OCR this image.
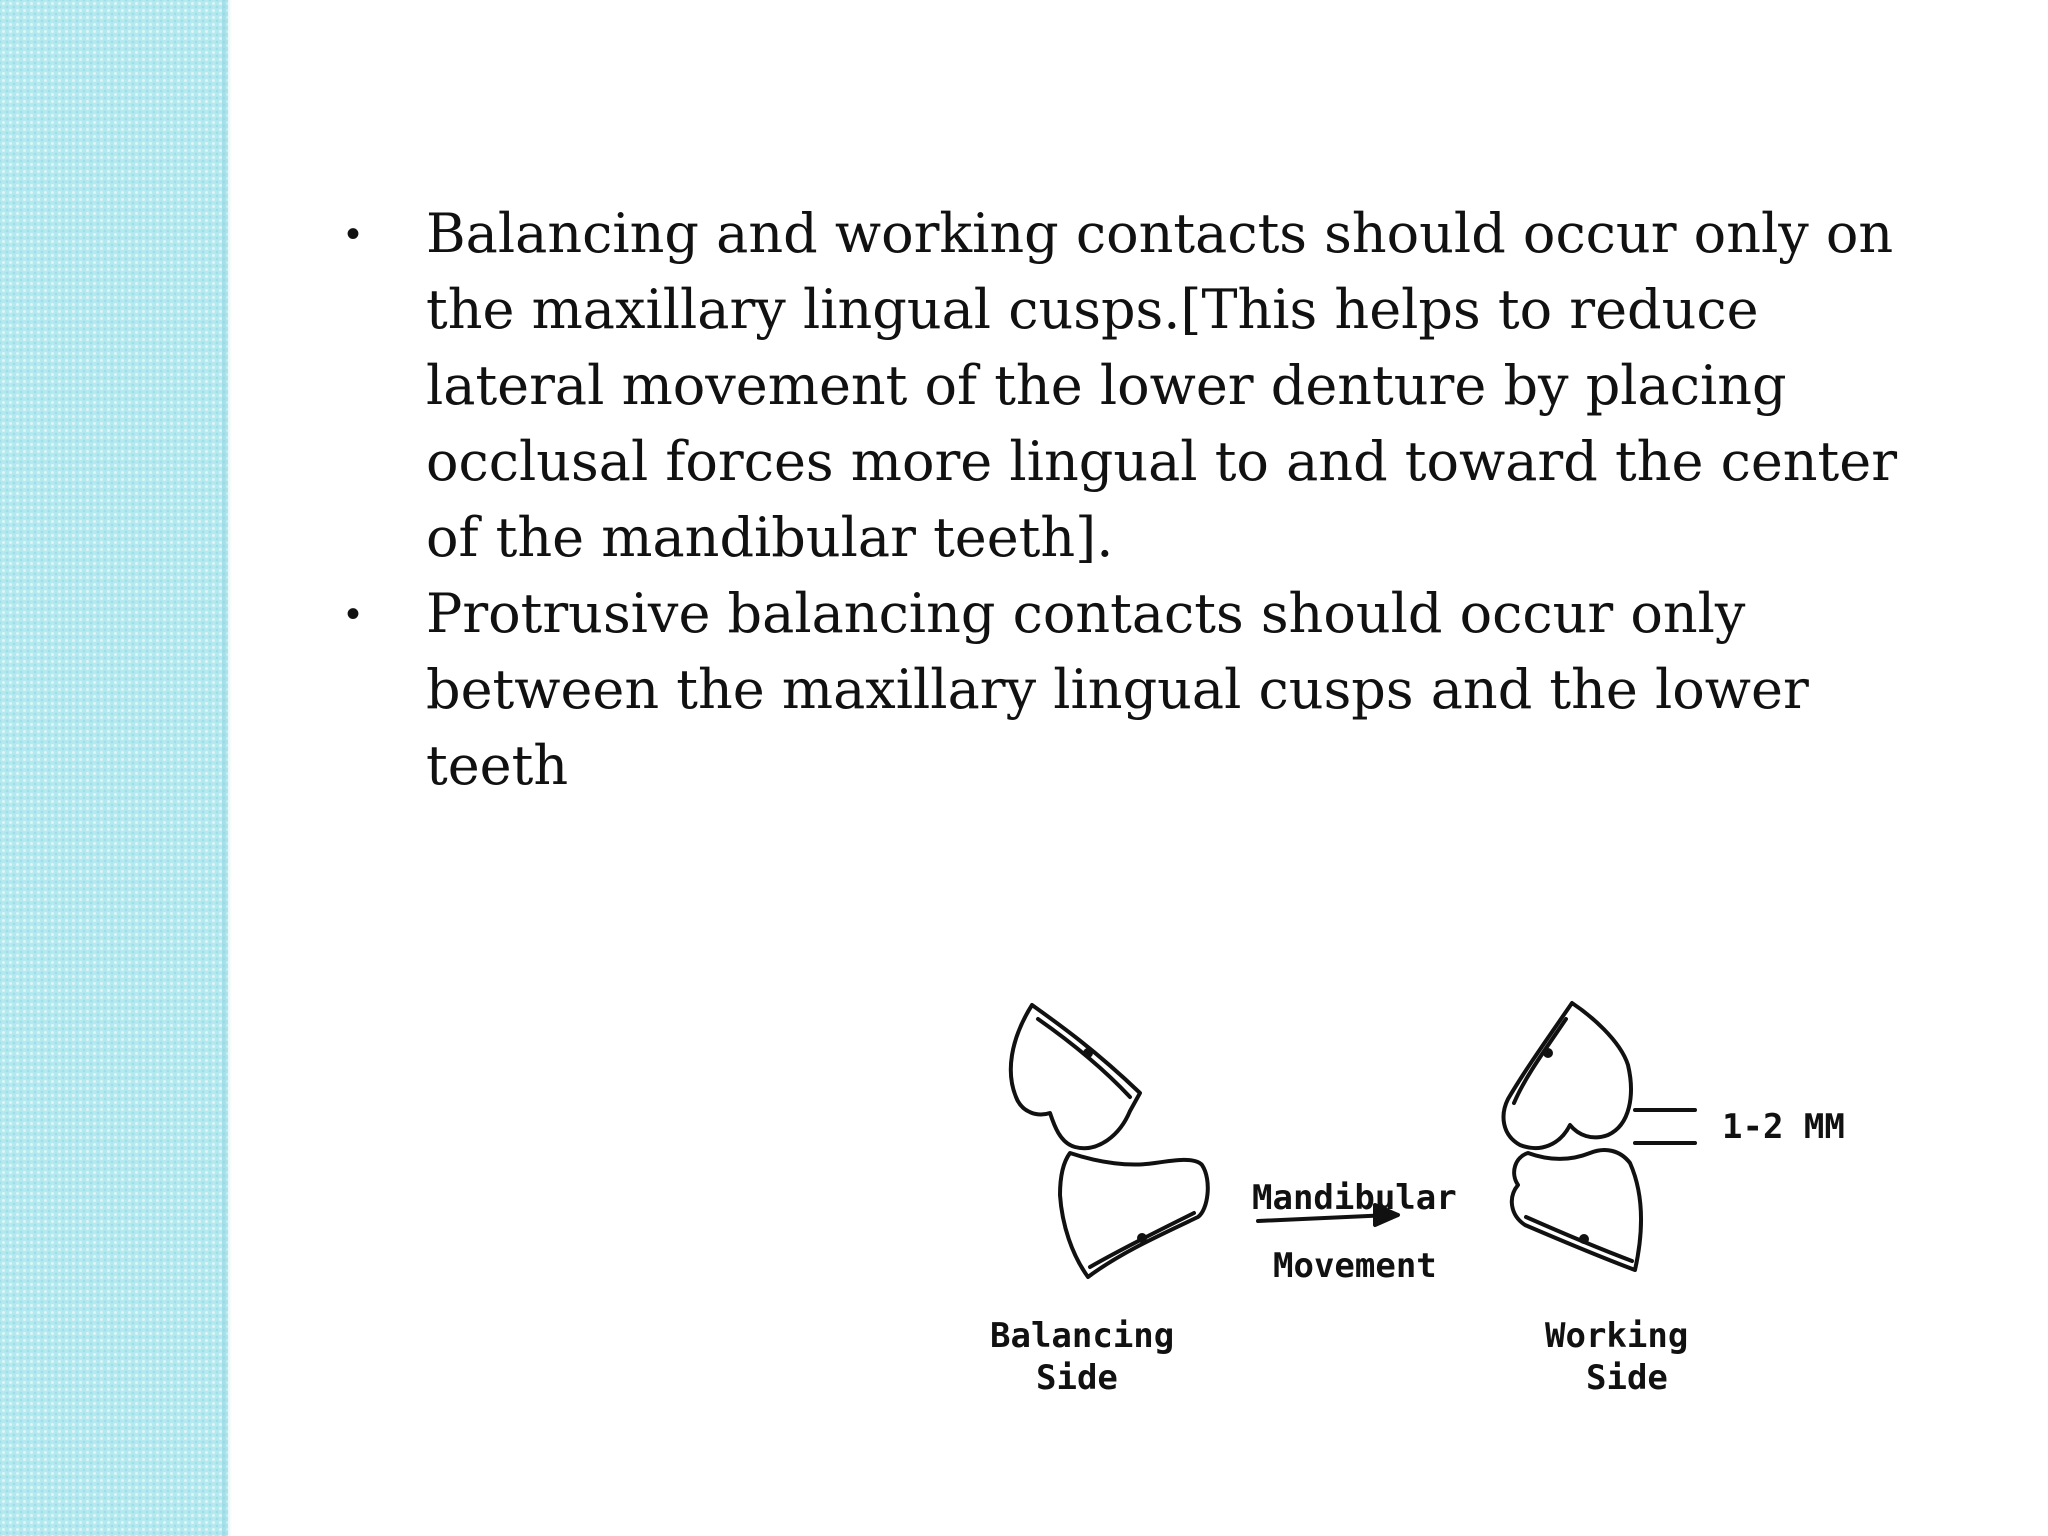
• Balancing and working contacts should occur only on the maxillary lingual cusps.[This helps to reduce lateral movement of the lower denture by placing occlusal forces more lingual to and toward the center of the mandibular teeth].
• Protrusive balancing contacts should occur only between the maxillary lingual cusps and the lower teeth
Balancing
Side
Mandibular
Movement
Working
Side
1-2 MM
